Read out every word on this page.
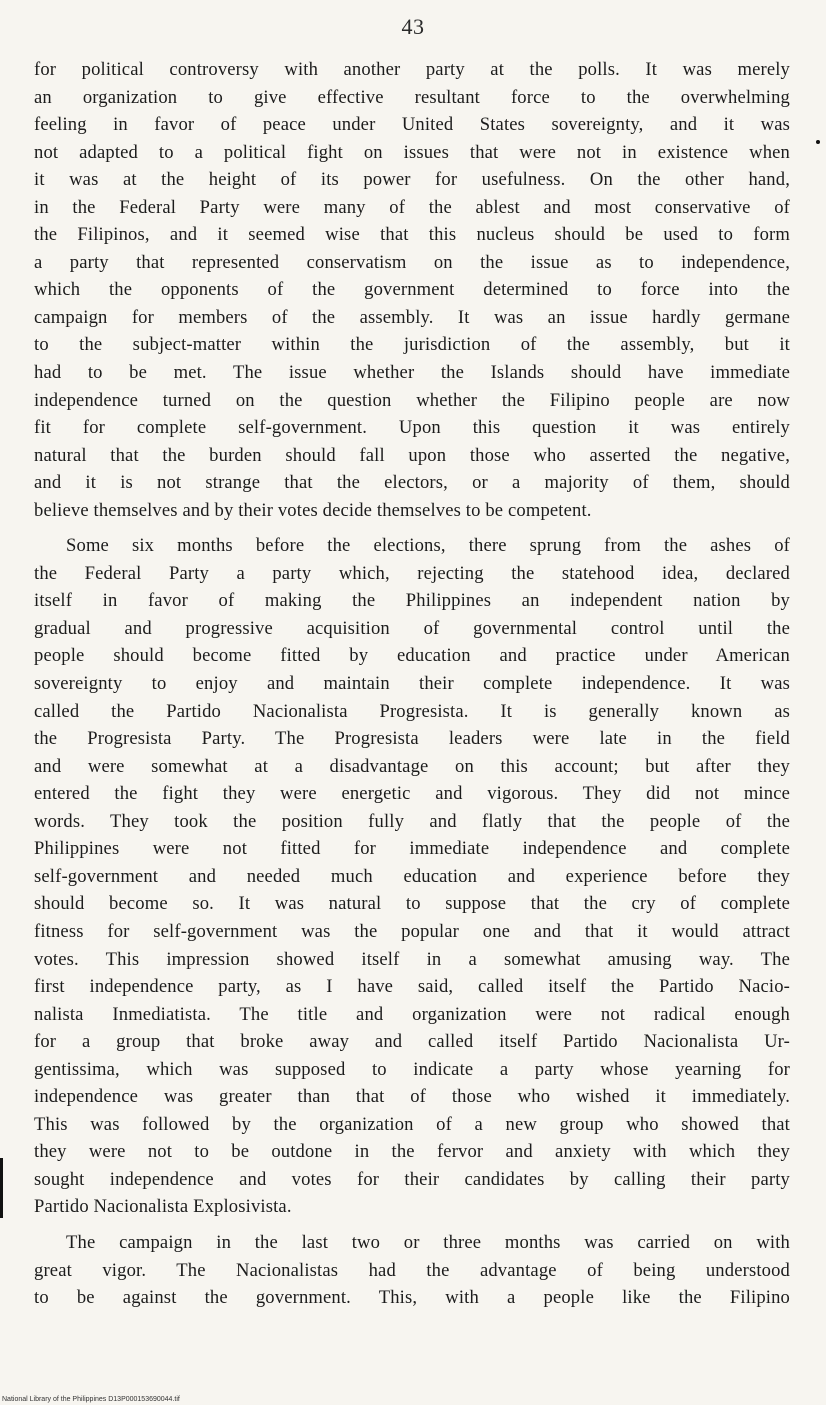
43
for political controversy with another party at the polls. It was merely
an organization to give effective resultant force to the overwhelming
feeling in favor of peace under United States sovereignty, and it was
not adapted to a political fight on issues that were not in existence when
it was at the height of its power for usefulness. On the other hand,
in the Federal Party were many of the ablest and most conservative of
the Filipinos, and it seemed wise that this nucleus should be used to form
a party that represented conservatism on the issue as to independence,
which the opponents of the government determined to force into the
campaign for members of the assembly. It was an issue hardly germane
to the subject-matter within the jurisdiction of the assembly, but it
had to be met. The issue whether the Islands should have immediate
independence turned on the question whether the Filipino people are now
fit for complete self-government. Upon this question it was entirely
natural that the burden should fall upon those who asserted the negative,
and it is not strange that the electors, or a majority of them, should
believe themselves and by their votes decide themselves to be competent.
Some six months before the elections, there sprung from the ashes of
the Federal Party a party which, rejecting the statehood idea, declared
itself in favor of making the Philippines an independent nation by
gradual and progressive acquisition of governmental control until the
people should become fitted by education and practice under American
sovereignty to enjoy and maintain their complete independence. It was
called the Partido Nacionalista Progresista. It is generally known as
the Progresista Party. The Progresista leaders were late in the field
and were somewhat at a disadvantage on this account; but after they
entered the fight they were energetic and vigorous. They did not mince
words. They took the position fully and flatly that the people of the
Philippines were not fitted for immediate independence and complete
self-government and needed much education and experience before they
should become so. It was natural to suppose that the cry of complete
fitness for self-government was the popular one and that it would attract
votes. This impression showed itself in a somewhat amusing way. The
first independence party, as I have said, called itself the Partido Nacio-
nalista Inmediatista. The title and organization were not radical enough
for a group that broke away and called itself Partido Nacionalista Ur-
gentissima, which was supposed to indicate a party whose yearning for
independence was greater than that of those who wished it immediately.
This was followed by the organization of a new group who showed that
they were not to be outdone in the fervor and anxiety with which they
sought independence and votes for their candidates by calling their party
Partido Nacionalista Explosivista.
The campaign in the last two or three months was carried on with
great vigor. The Nacionalistas had the advantage of being understood
to be against the government. This, with a people like the Filipino
National Library of the Philippines D13P000153690044.tif
